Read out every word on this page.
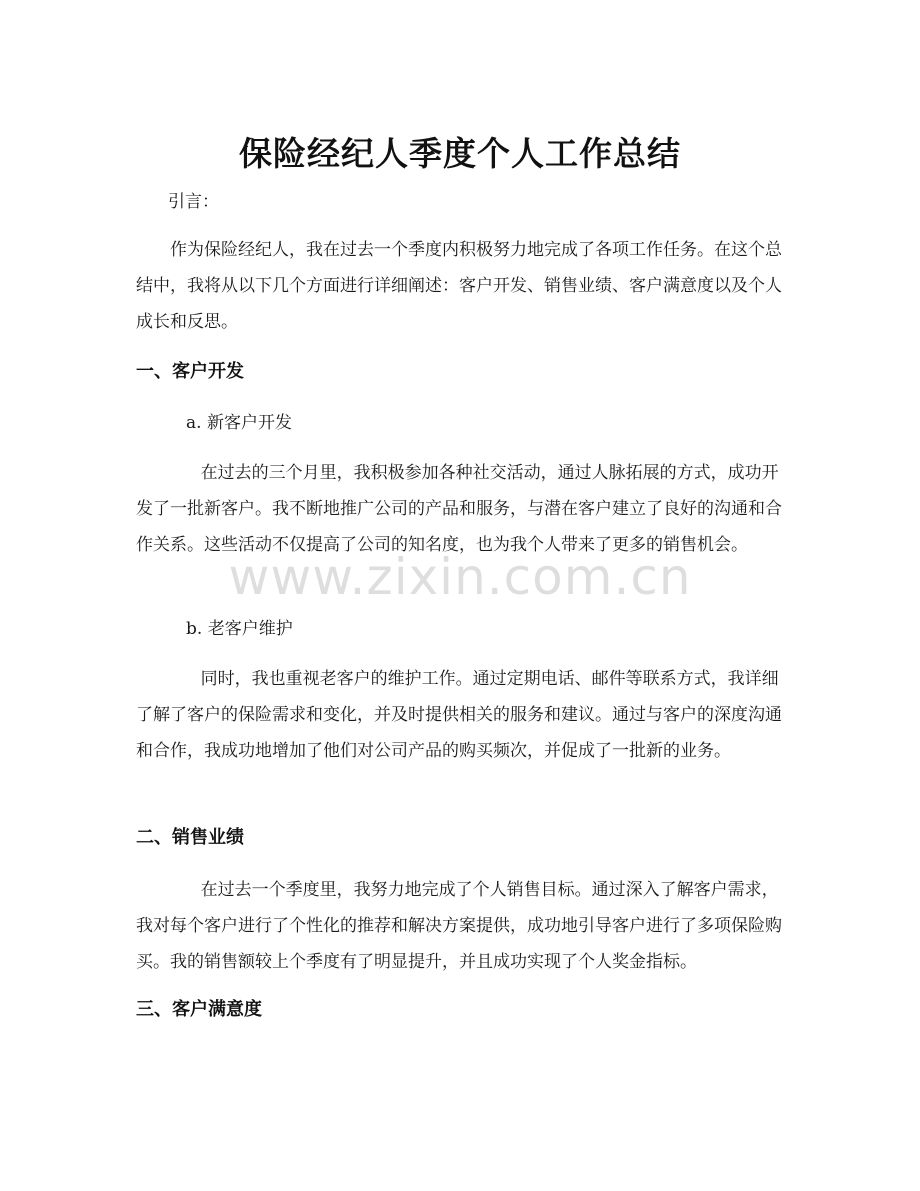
保险经纪人季度个人工作总结

引言：

作为保险经纪人，我在过去一个季度内积极努力地完成了各项工作任务。在这个总结中，我将从以下几个方面进行详细阐述：客户开发、销售业绩、客户满意度以及个人成长和反思。

一、客户开发

a. 新客户开发

在过去的三个月里，我积极参加各种社交活动，通过人脉拓展的方式，成功开发了一批新客户。我不断地推广公司的产品和服务，与潜在客户建立了良好的沟通和合作关系。这些活动不仅提高了公司的知名度，也为我个人带来了更多的销售机会。

b. 老客户维护

同时，我也重视老客户的维护工作。通过定期电话、邮件等联系方式，我详细了解了客户的保险需求和变化，并及时提供相关的服务和建议。通过与客户的深度沟通和合作，我成功地增加了他们对公司产品的购买频次，并促成了一批新的业务。

二、销售业绩

在过去一个季度里，我努力地完成了个人销售目标。通过深入了解客户需求，我对每个客户进行了个性化的推荐和解决方案提供，成功地引导客户进行了多项保险购买。我的销售额较上个季度有了明显提升，并且成功实现了个人奖金指标。

三、客户满意度
www.zixin.com.cn
